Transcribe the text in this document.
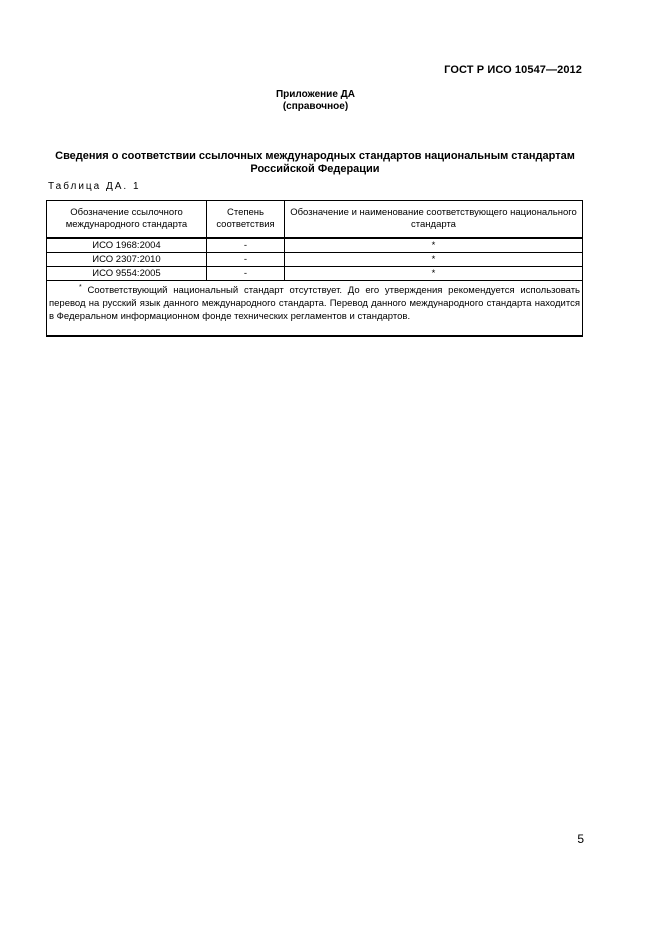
ГОСТ Р ИСО 10547—2012
Приложение ДА
(справочное)
Сведения о соответствии ссылочных международных стандартов национальным стандартам
Российской Федерации
Таблица ДА. 1
Обозначение ссылочного международного стандарта	Степень соответствия	Обозначение и наименование соответствующего национального стандарта
ИСО 1968:2004	-	*
ИСО 2307:2010	-	*
ИСО 9554:2005	-	*
* Соответствующий национальный стандарт отсутствует. До его утверждения рекомендуется использовать перевод на русский язык данного международного стандарта. Перевод данного международного стандарта находится в Федеральном информационном фонде технических регламентов и стандартов.		
5
